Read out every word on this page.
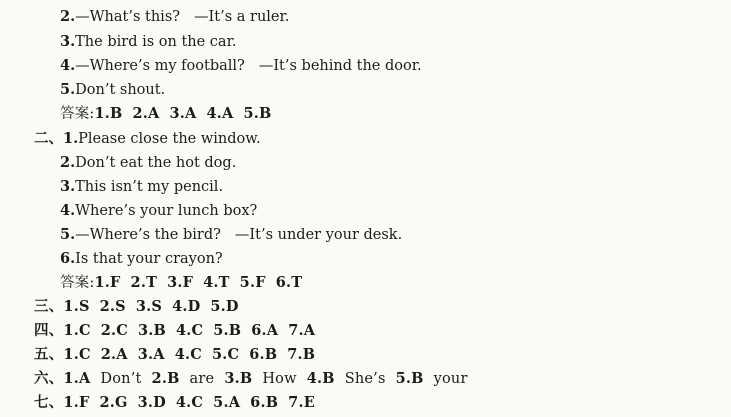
2.—What’s this? —It’s a ruler.
3.The bird is on the car.
4.—Where’s my football? —It’s behind the door.
5.Don’t shout.
答案:1.B 2.A 3.A 4.A 5.B
二、1.Please close the window.
2.Don’t eat the hot dog.
3.This isn’t my pencil.
4.Where’s your lunch box?
5.—Where’s the bird? —It’s under your desk.
6.Is that your crayon?
答案:1.F 2.T 3.F 4.T 5.F 6.T
三、1.S 2.S 3.S 4.D 5.D
四、1.C 2.C 3.B 4.C 5.B 6.A 7.A
五、1.C 2.A 3.A 4.C 5.C 6.B 7.B
六、1.A Don’t 2.B are 3.B How 4.B She’s 5.B your
七、1.F 2.G 3.D 4.C 5.A 6.B 7.E
